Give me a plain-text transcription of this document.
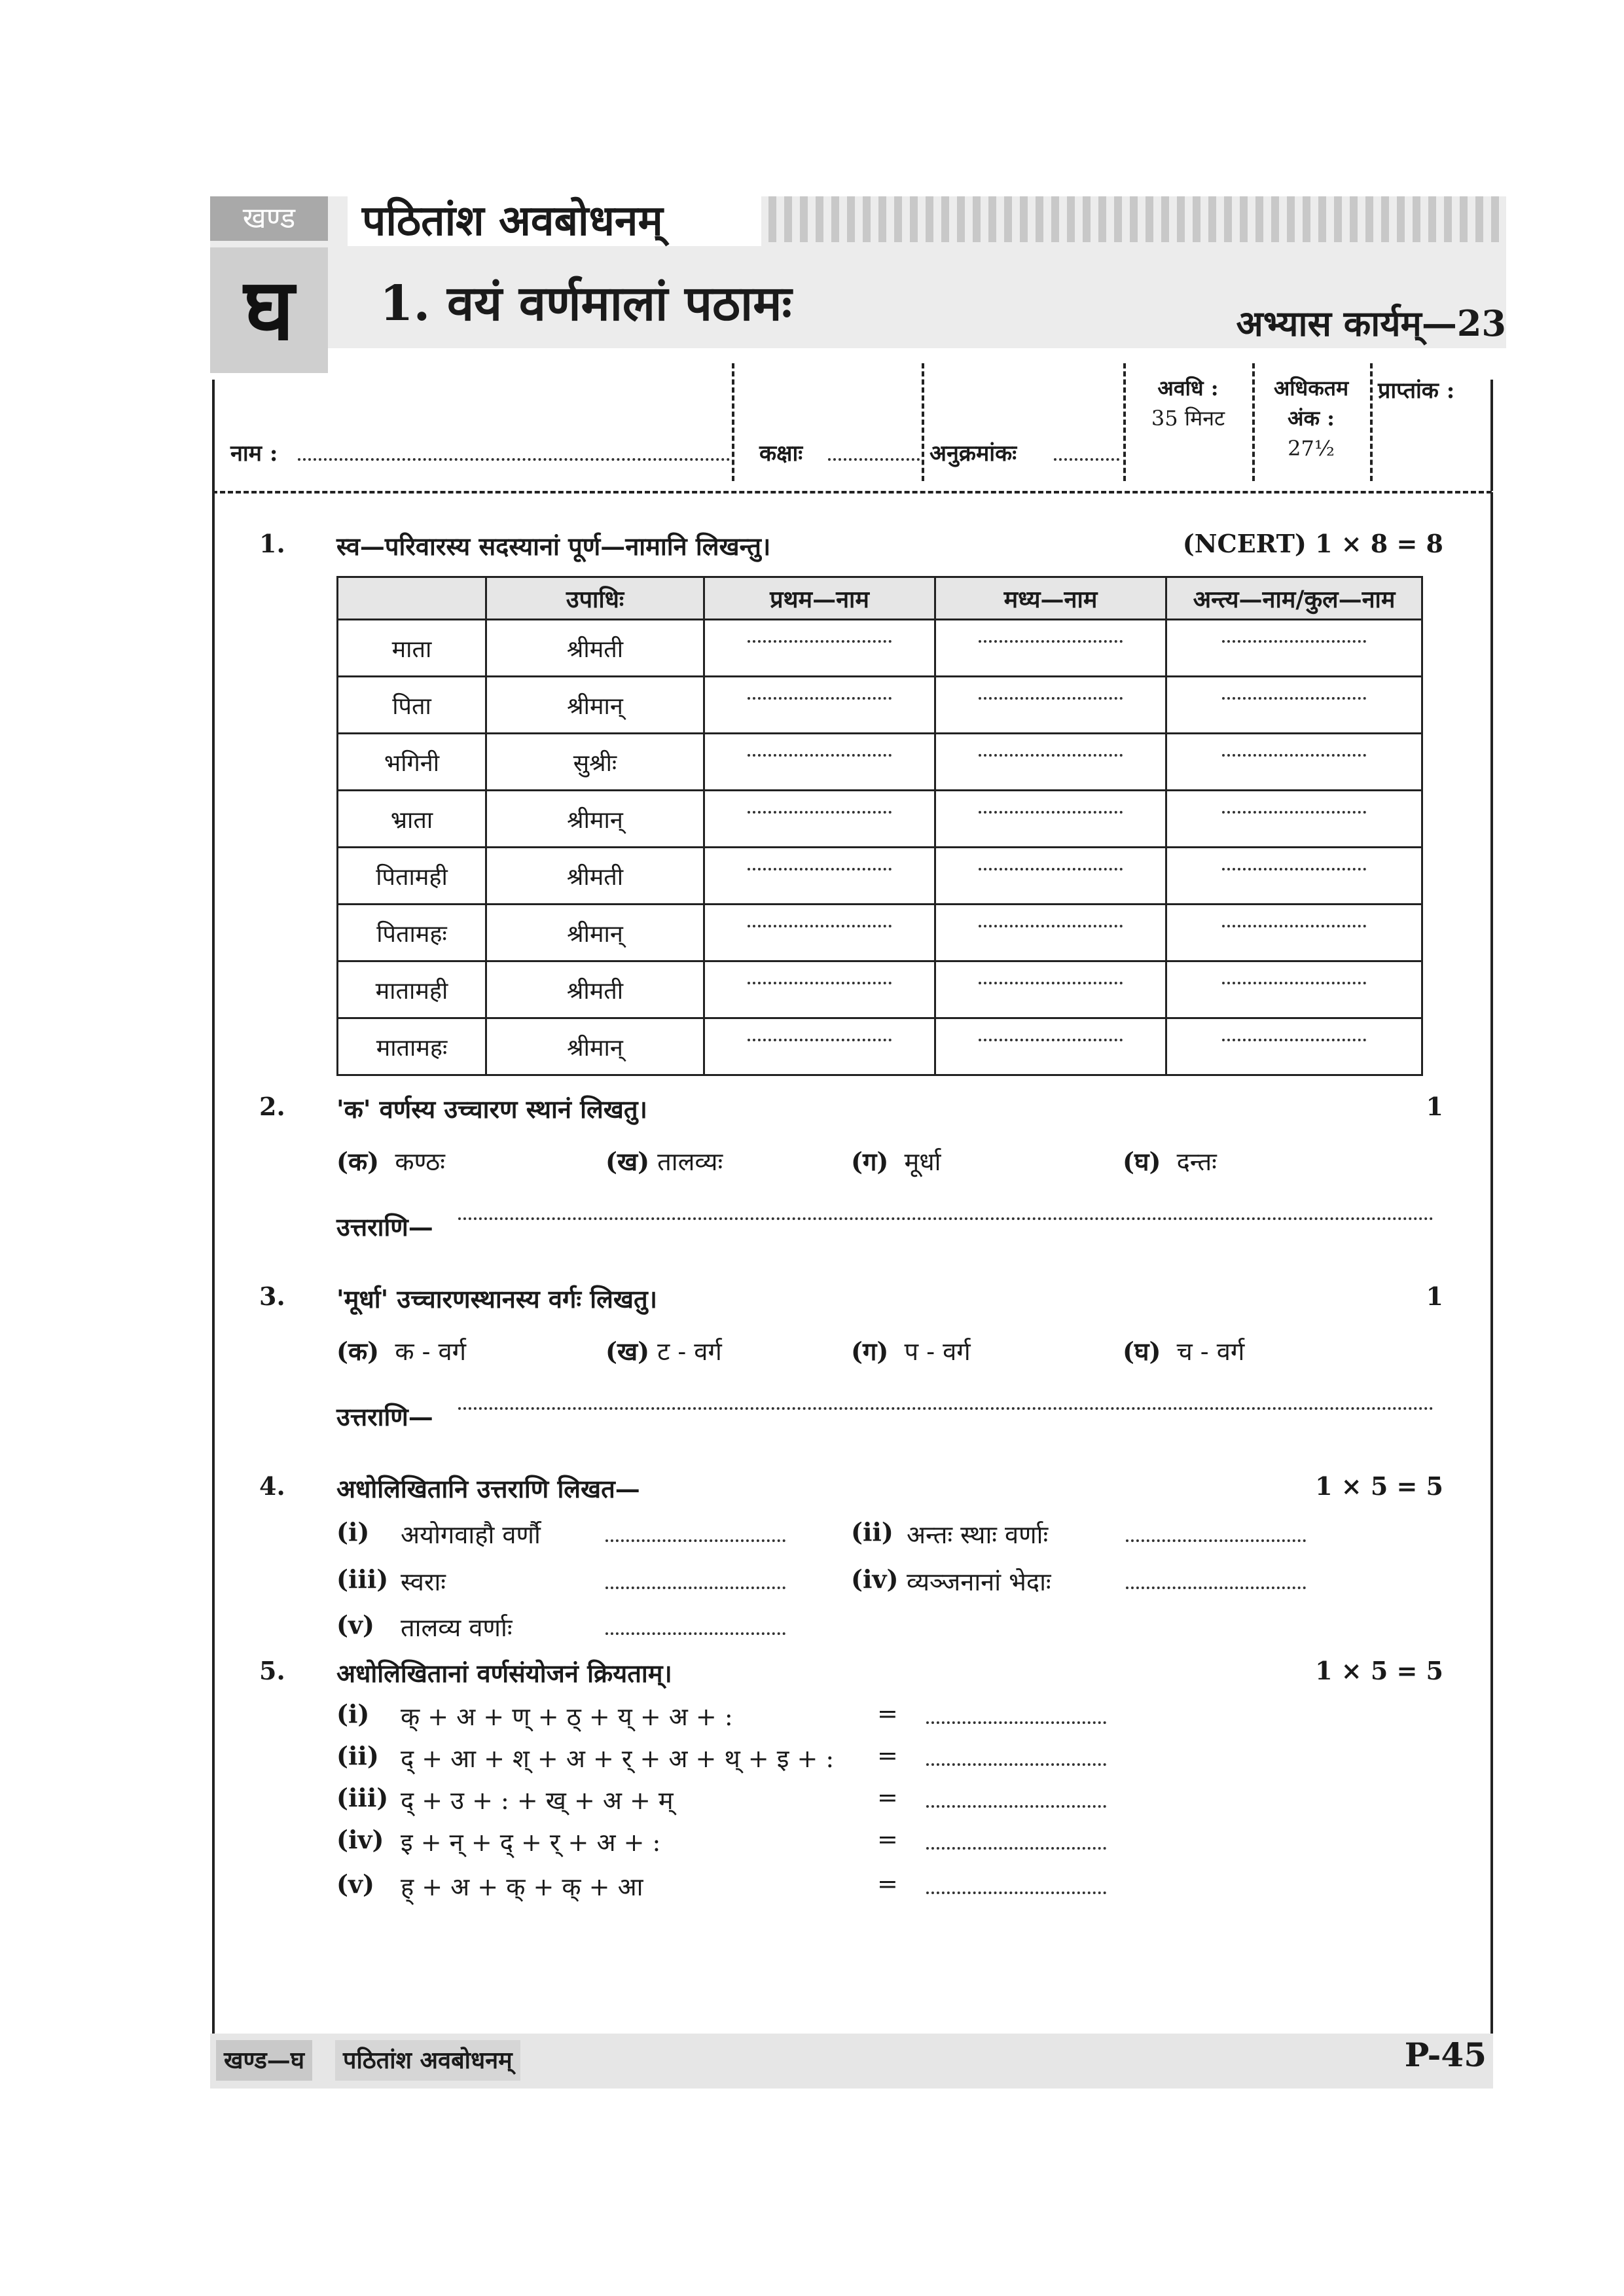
खण्ड
घ
पठितांश अवबोधनम्
1. वयं वर्णमालां पठामः	अभ्यास कार्यम्—23
नाम :	कक्षाः	अनुक्रमांकः
अवधि :
35 मिनट
अधिकतम
अंक :
27½
प्राप्तांक :
1. स्व—परिवारस्य सदस्यानां पूर्ण—नामानि लिखन्तु।	(NCERT) 1 × 8 = 8
	उपाधिः	प्रथम—नाम	मध्य—नाम	अन्त्य—नाम/कुल—नाम
माता	श्रीमती			
पिता	श्रीमान्			
भगिनी	सुश्रीः			
भ्राता	श्रीमान्			
पितामही	श्रीमती			
पितामहः	श्रीमान्			
मातामही	श्रीमती			
मातामहः	श्रीमान्			
2. 'क' वर्णस्य उच्चारण स्थानं लिखतु।	1
(क) कण्ठः	(ख) तालव्यः	(ग) मूर्धा	(घ) दन्तः
उत्तराणि—
3. 'मूर्धा' उच्चारणस्थानस्य वर्गः लिखतु।	1
(क) क - वर्ग	(ख) ट - वर्ग	(ग) प - वर्ग	(घ) च - वर्ग
उत्तराणि—
4. अधोलिखितानि उत्तराणि लिखत—	1 × 5 = 5
(i) अयोगवाहौ वर्णौ	(ii) अन्तः स्थाः वर्णाः
(iii) स्वराः	(iv) व्यञ्जनानां भेदाः
(v) तालव्य वर्णाः
5. अधोलिखितानां वर्णसंयोजनं क्रियताम्।	1 × 5 = 5
(i) क् + अ + ण् + ठ् + य् + अ + :	=
(ii) द् + आ + श् + अ + र् + अ + थ् + इ + : =
(iii) द् + उ + : + ख् + अ + म्	=
(iv) इ + न् + द् + र् + अ + :	=
(v) ह् + अ + क् + क् + आ	=
खण्ड—घ	पठितांश अवबोधनम्	P-45
